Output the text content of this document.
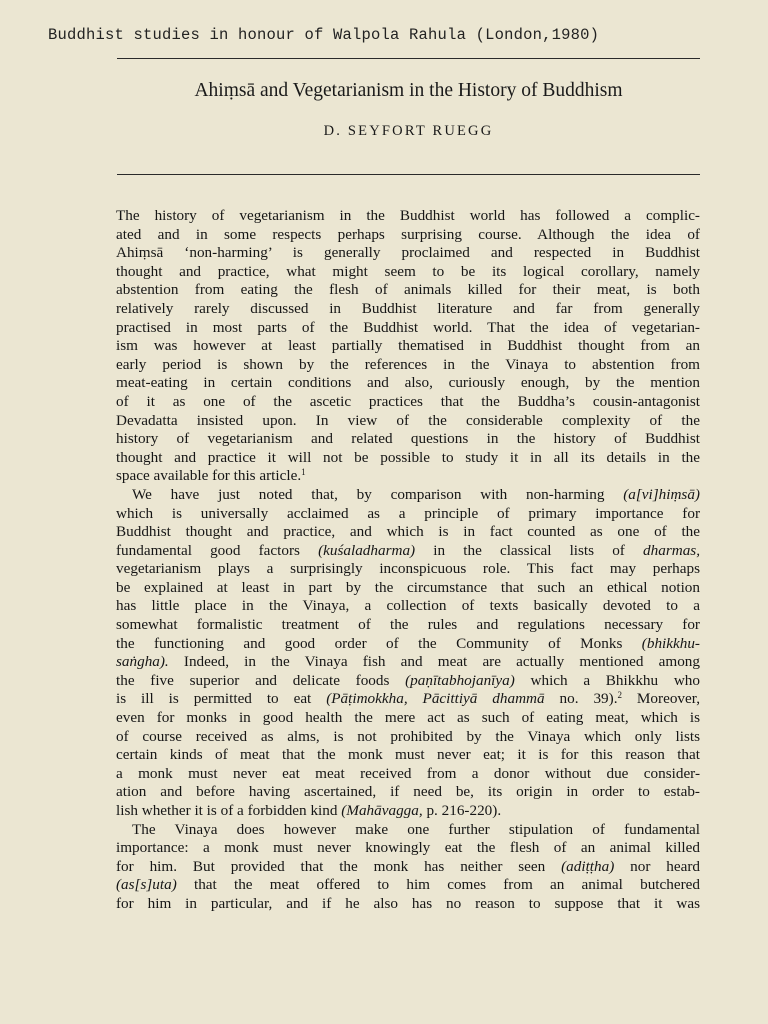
Buddhist studies in honour of Walpola Rahula (London,1980)
Ahiṃsā and Vegetarianism in the History of Buddhism
D. SEYFORT RUEGG
The history of vegetarianism in the Buddhist world has followed a complic-
ated and in some respects perhaps surprising course. Although the idea of
Ahiṃsā ‘non-harming’ is generally proclaimed and respected in Buddhist
thought and practice, what might seem to be its logical corollary, namely
abstention from eating the flesh of animals killed for their meat, is both
relatively rarely discussed in Buddhist literature and far from generally
practised in most parts of the Buddhist world. That the idea of vegetarian-
ism was however at least partially thematised in Buddhist thought from an
early period is shown by the references in the Vinaya to abstention from
meat-eating in certain conditions and also, curiously enough, by the mention
of it as one of the ascetic practices that the Buddha’s cousin-antagonist
Devadatta insisted upon. In view of the considerable complexity of the
history of vegetarianism and related questions in the history of Buddhist
thought and practice it will not be possible to study it in all its details in the
space available for this article.$^1$
We have just noted that, by comparison with non-harming (a[vi]hiṃsā)
which is universally acclaimed as a principle of primary importance for
Buddhist thought and practice, and which is in fact counted as one of the
fundamental good factors (kuśaladharma) in the classical lists of dharmas,
vegetarianism plays a surprisingly inconspicuous role. This fact may perhaps
be explained at least in part by the circumstance that such an ethical notion
has little place in the Vinaya, a collection of texts basically devoted to a
somewhat formalistic treatment of the rules and regulations necessary for
the functioning and good order of the Community of Monks (bhikkhu-
saṅgha). Indeed, in the Vinaya fish and meat are actually mentioned among
the five superior and delicate foods (paṇītabhojanīya) which a Bhikkhu who
is ill is permitted to eat (Pāṭimokkha, Pācittiyā dhammā no. 39).$^2$ Moreover,
even for monks in good health the mere act as such of eating meat, which is
of course received as alms, is not prohibited by the Vinaya which only lists
certain kinds of meat that the monk must never eat; it is for this reason that
a monk must never eat meat received from a donor without due consider-
ation and before having ascertained, if need be, its origin in order to estab-
lish whether it is of a forbidden kind (Mahāvagga, p. 216-220).
The Vinaya does however make one further stipulation of fundamental
importance: a monk must never knowingly eat the flesh of an animal killed
for him. But provided that the monk has neither seen (adiṭṭha) nor heard
(as[s]uta) that the meat offered to him comes from an animal butchered
for him in particular, and if he also has no reason to suppose that it was
